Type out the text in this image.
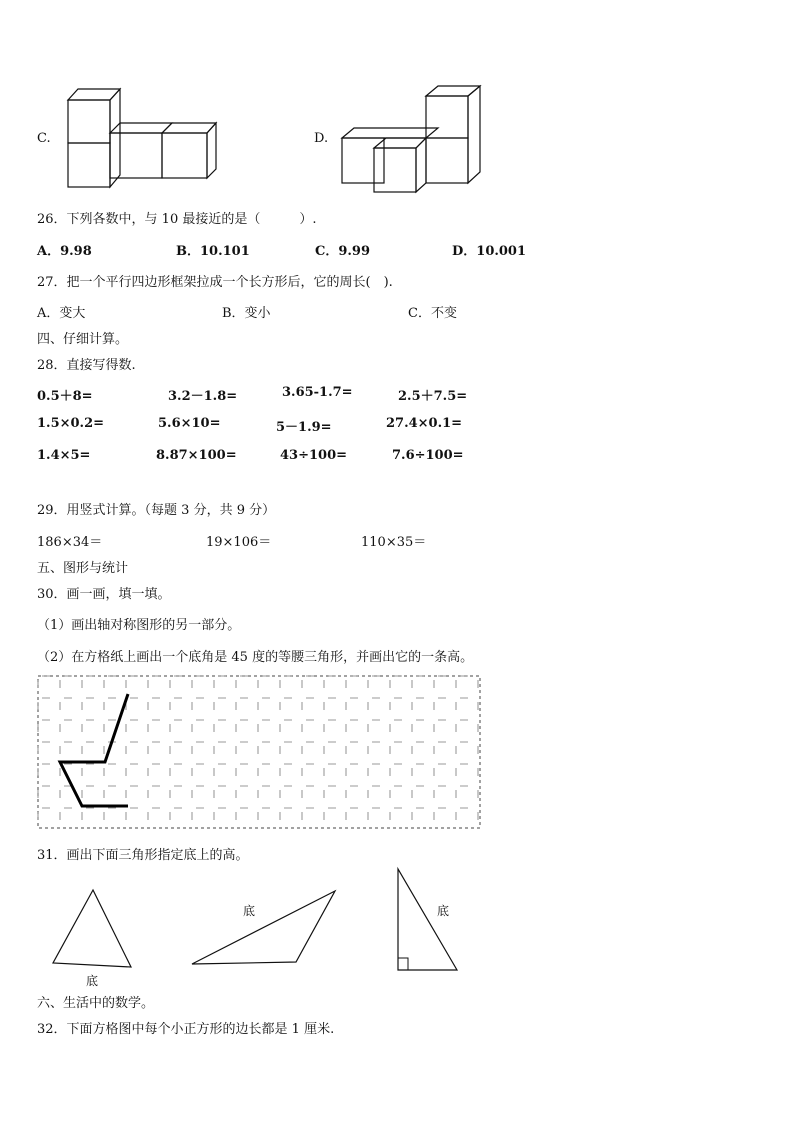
C.	D.
26．下列各数中，与 10 最接近的是（　　　）.
A．9.98	B．10.101	C．9.99	D．10.001
27．把一个平行四边形框架拉成一个长方形后，它的周长(　).
A．变大	B．变小	C．不变
四、仔细计算。
28．直接写得数.
0.5＋8=	3.2－1.8=	3.65-1.7=	2.5＋7.5=
1.5×0.2=	5.6×10=	5－1.9=	27.4×0.1=
1.4×5=	8.87×100=	43÷100=	7.6÷100=
29．用竖式计算。（每题 3 分，共 9 分）
186×34＝	19×106＝	110×35＝
五、图形与统计
30．画一画，填一填。
（1）画出轴对称图形的另一部分。
（2）在方格纸上画出一个底角是 45 度的等腰三角形，并画出它的一条高。
31．画出下面三角形指定底上的高。
底
底	底
六、生活中的数学。
32．下面方格图中每个小正方形的边长都是 1 厘米.
